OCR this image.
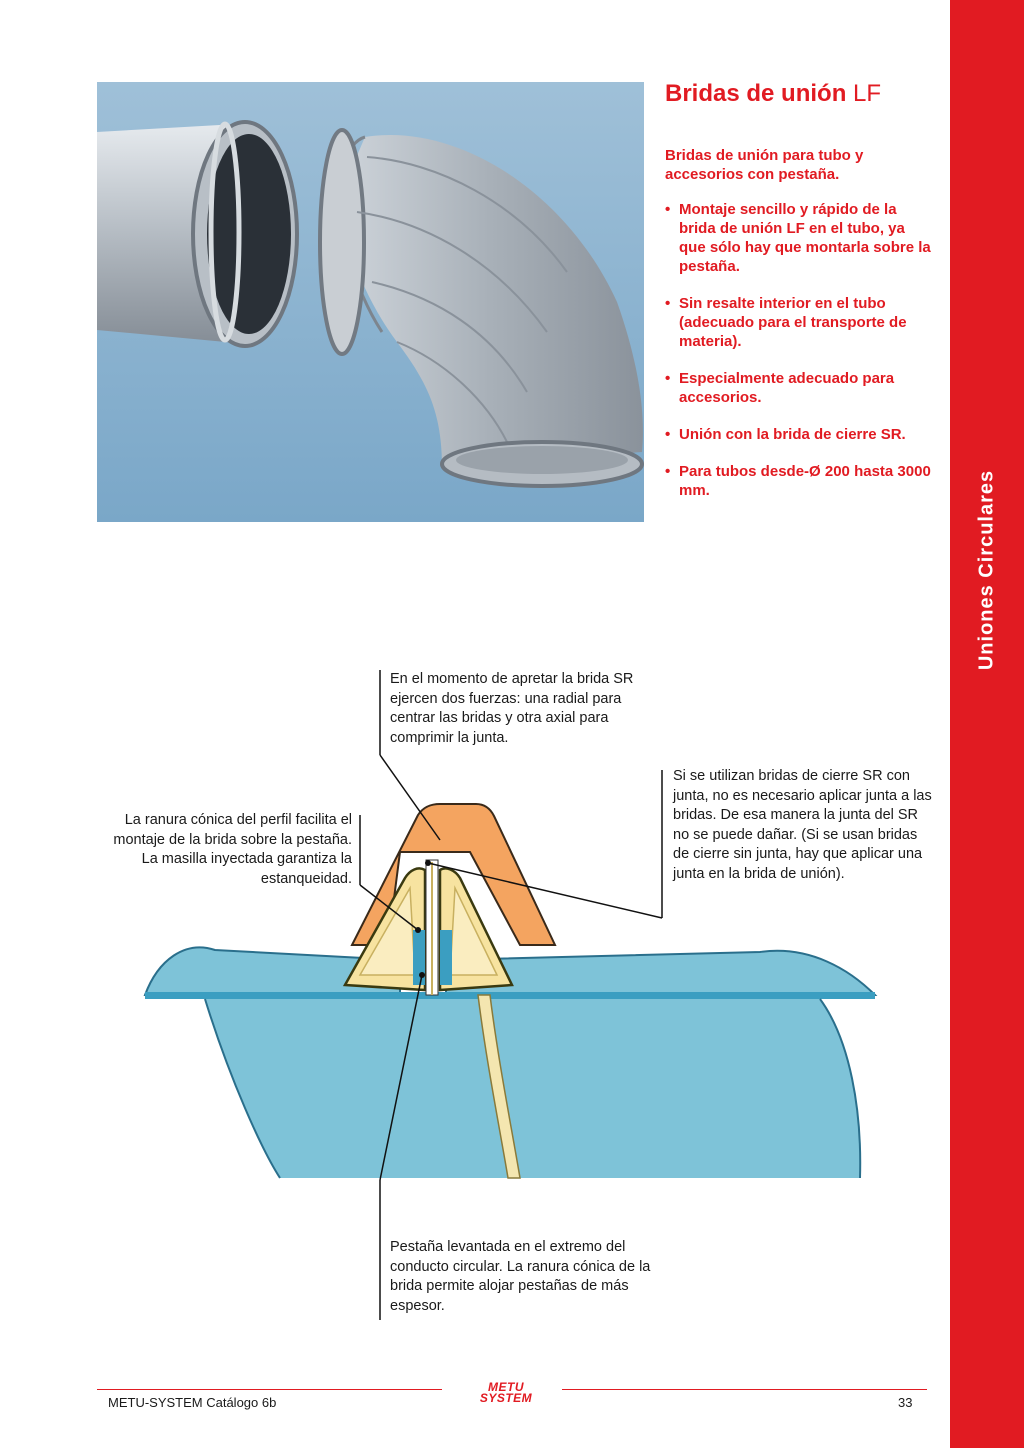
Uniones Circulares
Bridas de unión LF

Bridas de unión para tubo y accesorios con pestaña.

• Montaje sencillo y rápido de la brida de unión LF en el tubo, ya que sólo hay que montarla sobre la pestaña.
• Sin resalte interior en el tubo (adecuado para el transporte de materia).
• Especialmente adecuado para accesorios.
• Unión con la brida de cierre SR.
• Para tubos desde-Ø 200 hasta 3000 mm.

En el momento de apretar la brida SR ejercen dos fuerzas: una radial para centrar las bridas y otra axial para comprimir la junta.

La ranura cónica del perfil facilita el montaje de la brida sobre la pestaña. La masilla inyectada garantiza la estanqueidad.

Si se utilizan bridas de cierre SR con junta, no es necesario aplicar junta a las bridas. De esa manera la junta del SR no se puede dañar. (Si se usan bridas de cierre sin junta, hay que aplicar una junta en la brida de unión).

Pestaña levantada en el extremo del conducto circular. La ranura cónica de la brida permite alojar pestañas de más espesor.

METU-SYSTEM Catálogo 6b
METU
SYSTEM	33
